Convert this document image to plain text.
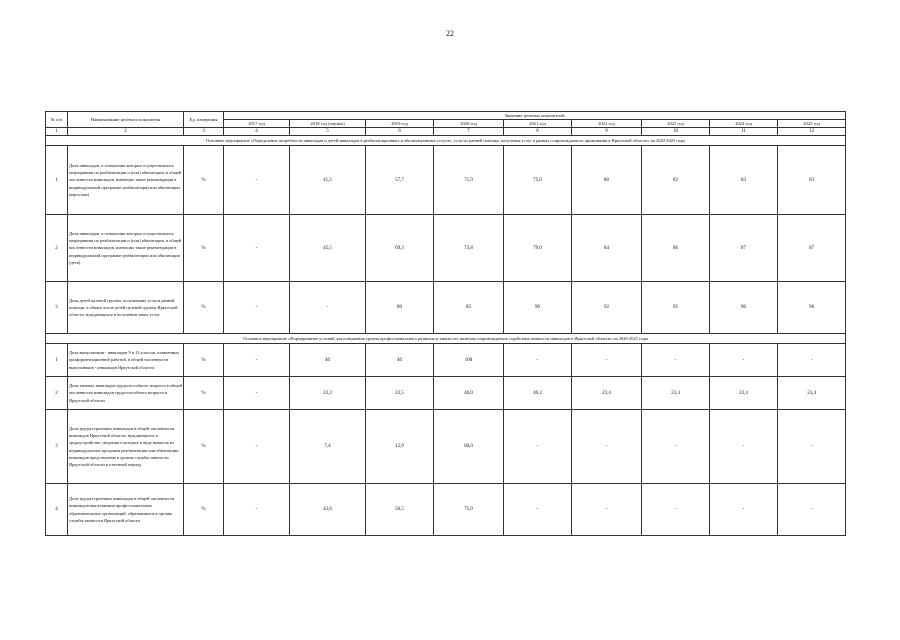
22
№ п/п	Наименование целевого показателя	Ед. измерения	Значение целевых показателей								
			2017 год	2018 год (оценка)	2019 год	2020 год	2021 год	2022 год	2023 год	2024 год	2025 год
1	2	3	4	5	6	7	8	9	10	11	12
Основное мероприятие «Определение потребности инвалидов и детей-инвалидов в реабилитационных и абилитационных услугах, услугах ранней помощи, получения услуг в рамках сопровождаемого проживания в Иркутской области» на 2020-2025 годы											
1	Доля инвалидов, в отношении которых осуществлялись мероприятия по реабилитации и (или) абилитации, в общей численности инвалидов, имеющих такие рекомендации в индивидуальной программе реабилитации или абилитации (взрослые)	%	-	41,5	57,7	71,9	75,0	80	82	83	83
2	Доля инвалидов, в отношении которых осуществлялись мероприятия по реабилитации и (или) абилитации, в общей численности инвалидов, имеющих такие рекомендации в индивидуальной программе реабилитации или абилитации (дети)	%	-	45,5	69,3	73,8	79,0	84	86	87	87
3	Доля детей целевой группы, получивших услуги ранней помощи, в общем числе детей целевой группы Иркутской области, нуждающихся в получении таких услуг	%	-	-	80	85	90	92	95	96	96
Основное мероприятие «Формирование условий для повышения уровня профессионального развития и занятости, включая сопровождаемое содействие занятости инвалидов в Иркутской области» на 2020-2025 годы											
1	Доля выпускников - инвалидов 9 и 11 классов, охваченных профориентационной работой, в общей численности выпускников - инвалидов Иркутской области	%	-	40	40	100	-	-	-	-	-
2	Доля занятых инвалидов трудоспособного возраста в общей численности инвалидов трудоспособного возраста в Иркутской области	%	-	23,2	23,5	40,0	40,2	23,4	23,4	23,4	23,4
3	Доля трудоустроенных инвалидов в общей численности инвалидов Иркутской области, нуждающихся в трудоустройстве, сведения о которых в виде выписок из индивидуальных программ реабилитации или абилитации инвалидов представлены в органы службы занятости Иркутской области в отчетный период	%	-	7,4	12,9	60,0	-	-	-	-	-
4	Доля трудоустроенных инвалидов в общей численности инвалидов-выпускников профессиональных образовательных организаций, обратившихся в органы службы занятости Иркутской области	%	-	42,6	50,5	75,0	-	-	-	-	-
